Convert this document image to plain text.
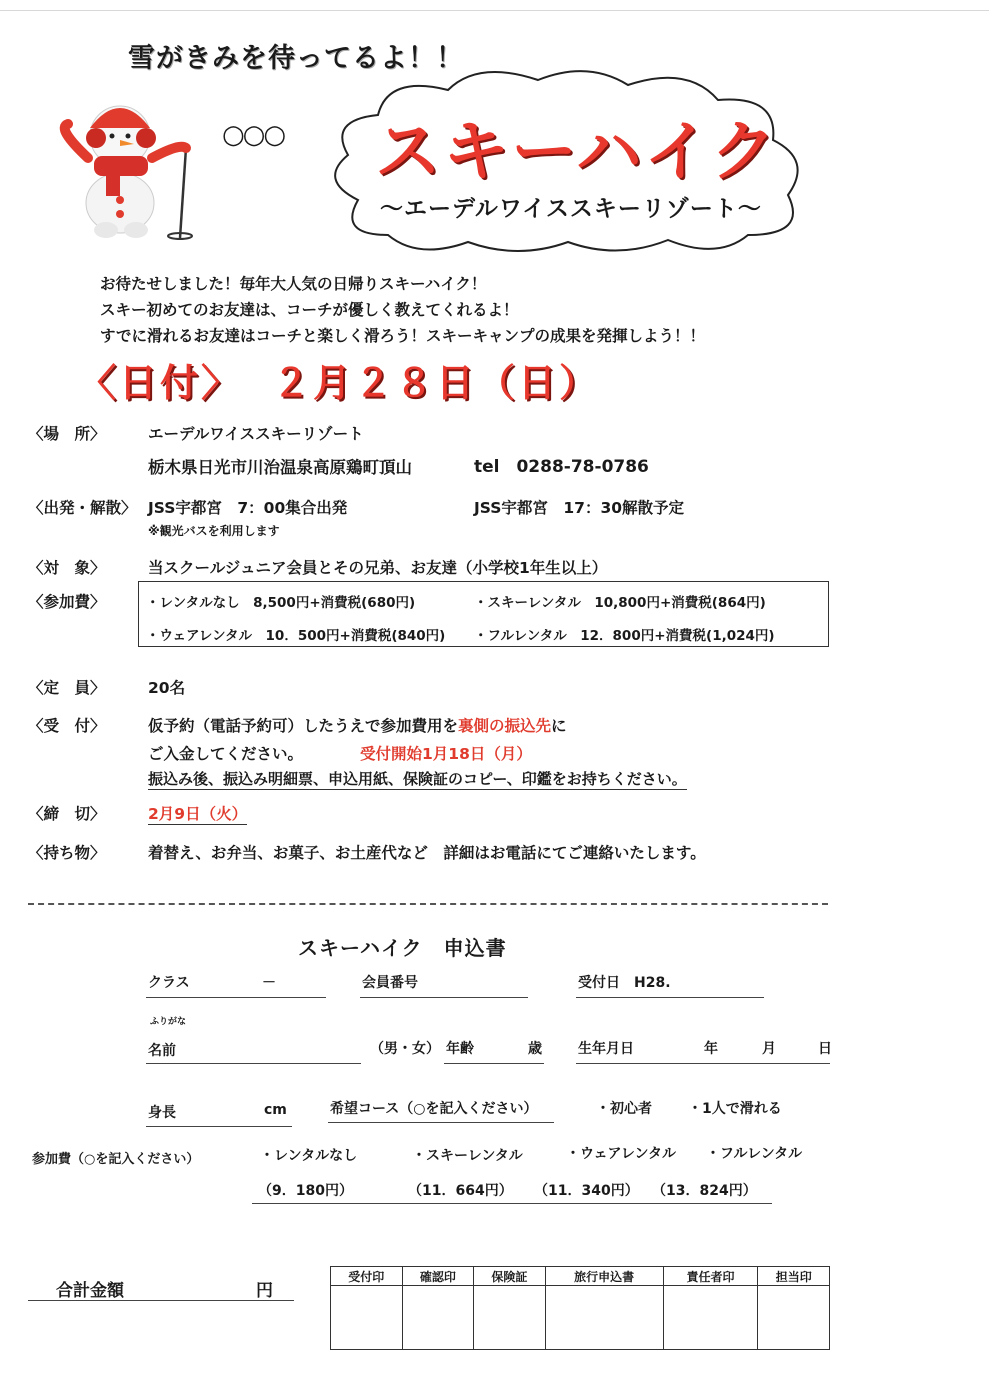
雪がきみを待ってるよ！！
○○○ スキーハイク
～エーデルワイススキーリゾート～
お待たせしました！毎年大人気の日帰りスキーハイク！
スキー初めてのお友達は、コーチが優しく教えてくれるよ！
すでに滑れるお友達はコーチと楽しく滑ろう！スキーキャンプの成果を発揮しよう！！
〈日付〉 ２月２８日（日）
〈場　所〉	エーデルワイススキーリゾート
栃木県日光市川治温泉高原鶏町頂山	tel　0288-78-0786
〈出発・解散〉 JSS宇都宮　7：00集合出発	JSS宇都宮　17：30解散予定
※観光バスを利用します
〈対　象〉	当スクールジュニア会員とその兄弟、お友達（小学校1年生以上）
〈参加費〉	・レンタルなし　8,500円+消費税(680円)	・スキーレンタル　10,800円+消費税(864円)
・ウェアレンタル　10．500円+消費税(840円) ・フルレンタル　12．800円+消費税(1,024円)
〈定　員〉	20名
〈受　付〉	仮予約（電話予約可）したうえで参加費用を裏側の振込先に
ご入金してください。	受付開始1月18日（月）
振込み後、振込み明細票、申込用紙、保険証のコピー、印鑑をお持ちください。
〈締　切〉	2月9日（火）
〈持ち物〉	着替え、お弁当、お菓子、お土産代など　詳細はお電話にてご連絡いたします。
スキーハイク　申込書
クラス	－	会員番号	受付日　H28.
ふりがな
名前	（男・女） 年齢	歳	生年月日	年	月	日
身長	cm	希望コース（○を記入ください）	・初心者	・1人で滑れる
参加費（○を記入ください）	・レンタルなし	・スキーレンタル	・ウェアレンタル ・フルレンタル
（9．180円）	（11．664円） （11．340円） （13．824円）
合計金額	円
受付印	確認印	保険証	旅行申込書	責任者印	担当印
